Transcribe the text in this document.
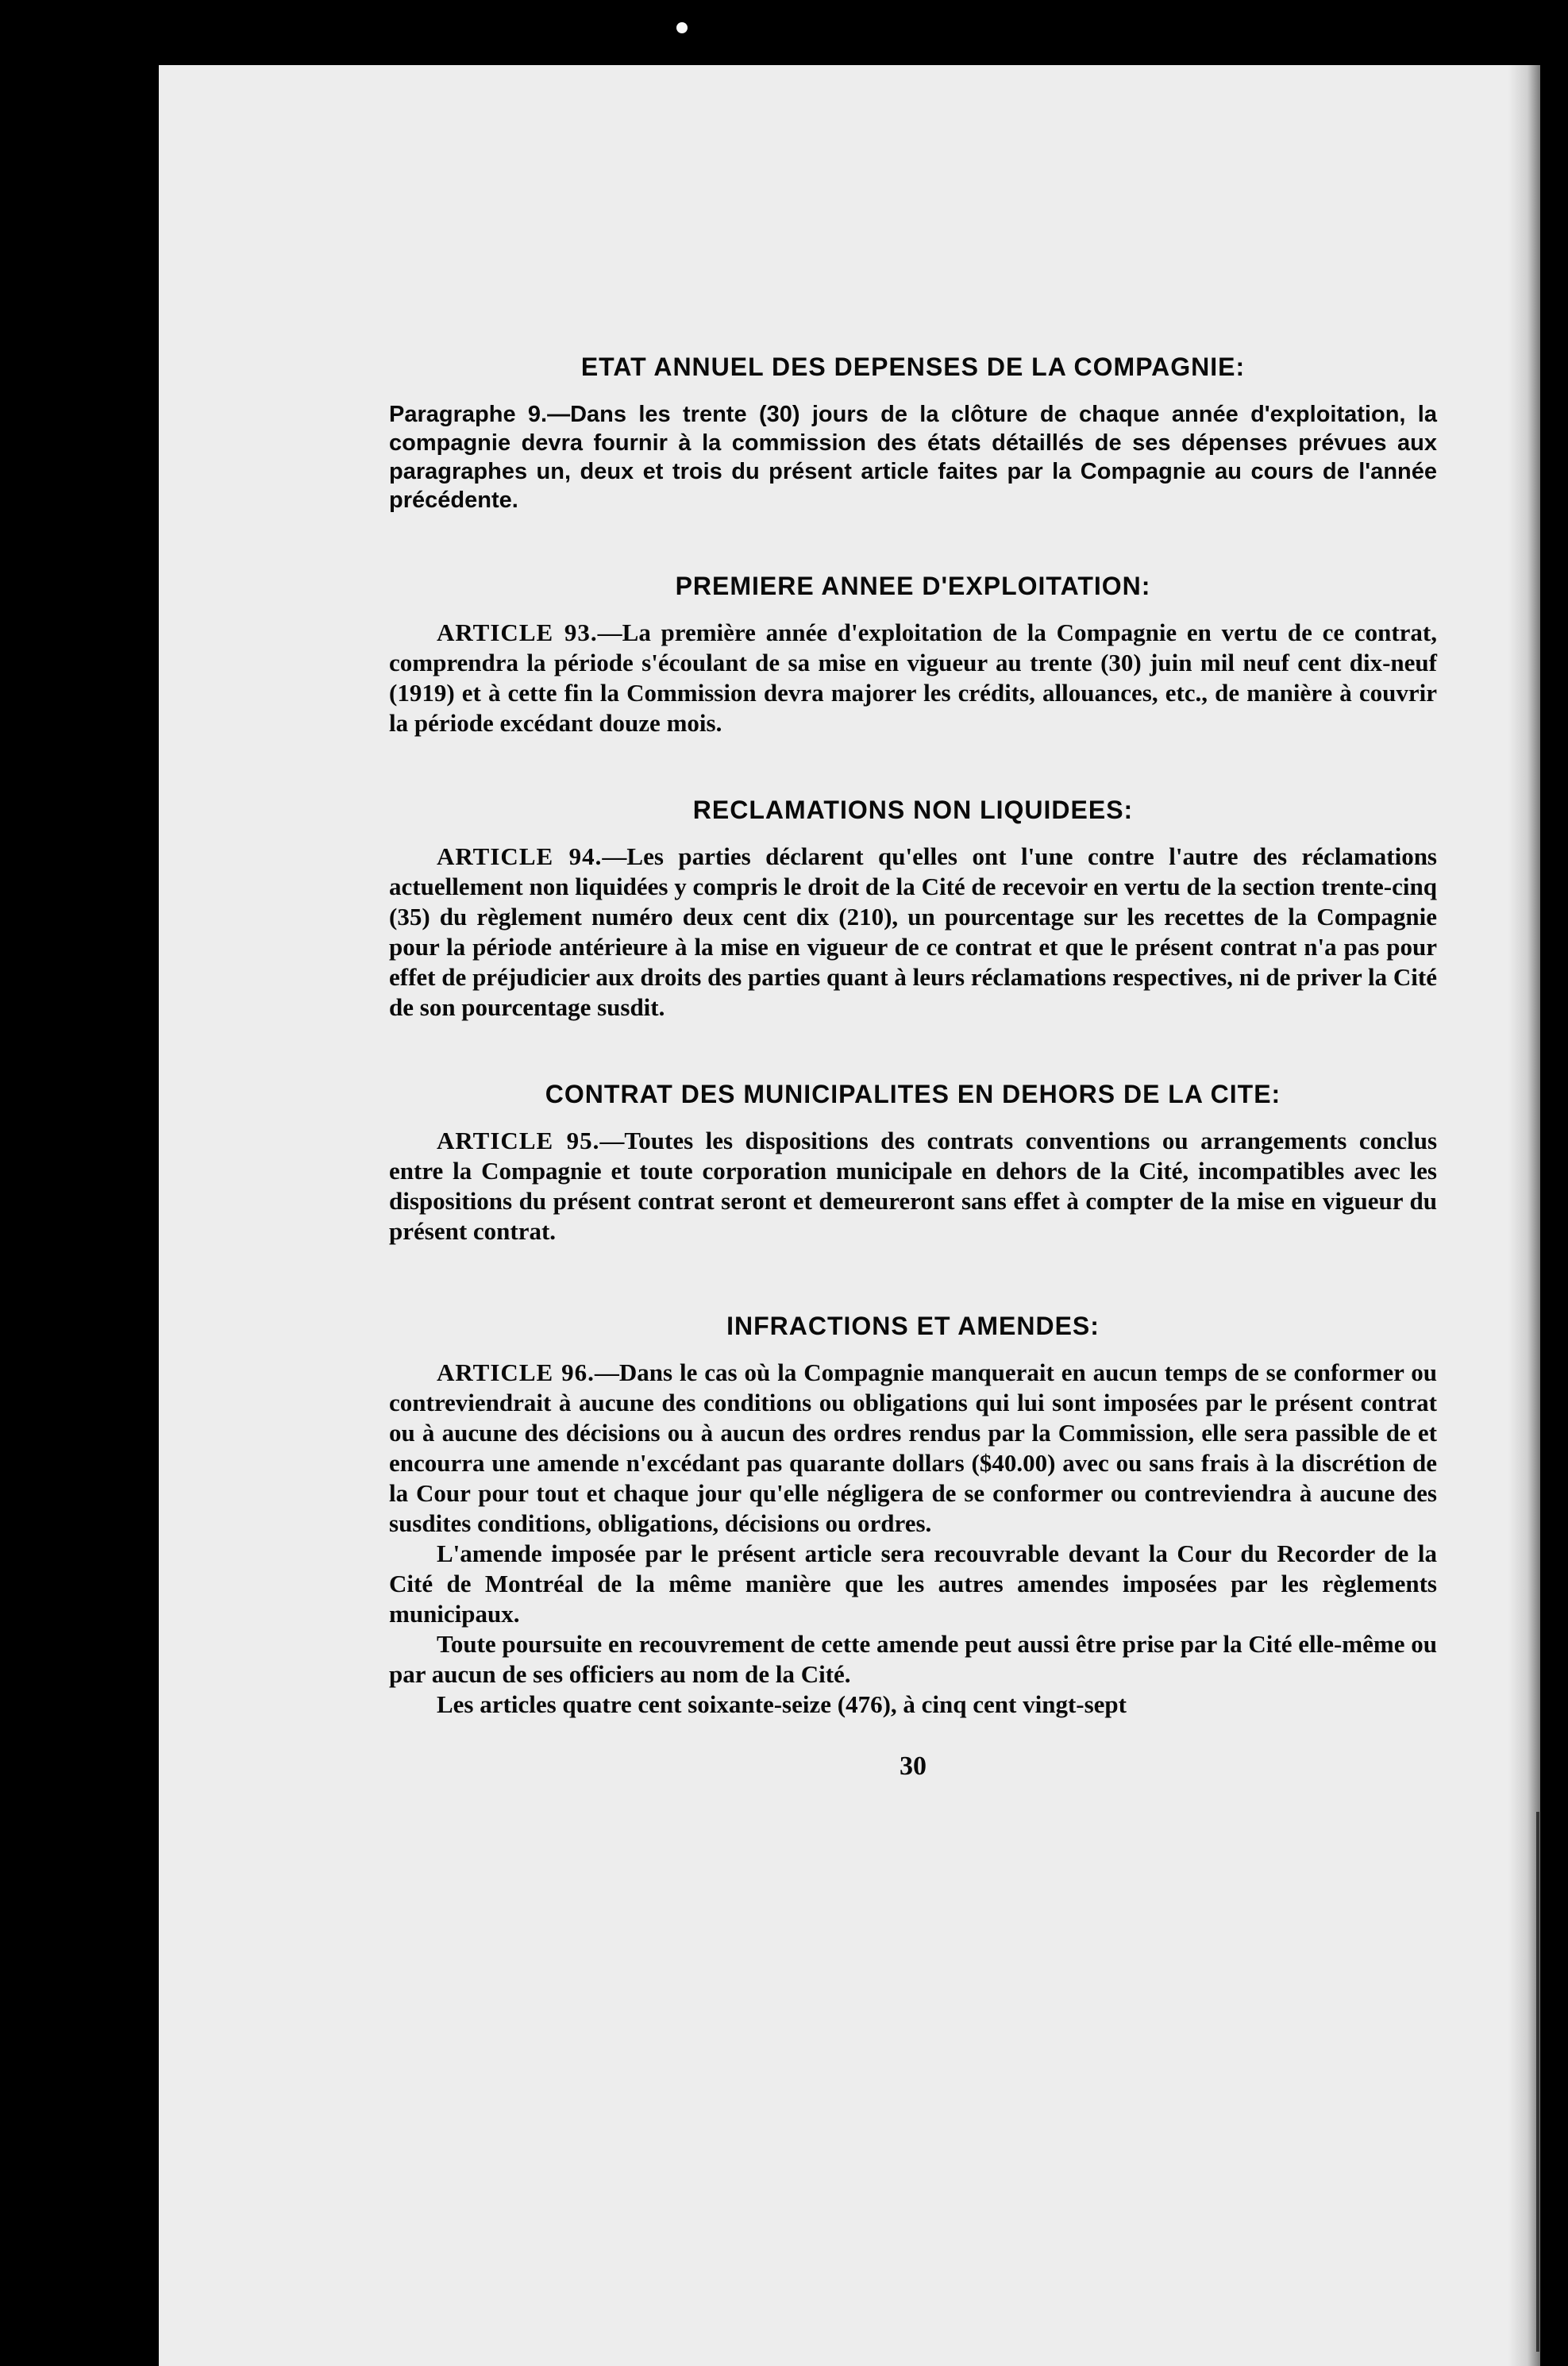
ETAT ANNUEL DES DEPENSES DE LA COMPAGNIE:

Paragraphe 9.—Dans les trente (30) jours de la clôture de chaque année d'exploitation, la compagnie devra fournir à la commission des états détaillés de ses dépenses prévues aux paragraphes un, deux et trois du présent article faites par la Compagnie au cours de l'année précédente.

PREMIERE ANNEE D'EXPLOITATION:

ARTICLE 93.—La première année d'exploitation de la Compagnie en vertu de ce contrat, comprendra la période s'écoulant de sa mise en vigueur au trente (30) juin mil neuf cent dix-neuf (1919) et à cette fin la Commission devra majorer les crédits, allouances, etc., de manière à couvrir la période excédant douze mois.

RECLAMATIONS NON LIQUIDEES:

ARTICLE 94.—Les parties déclarent qu'elles ont l'une contre l'autre des réclamations actuellement non liquidées y compris le droit de la Cité de recevoir en vertu de la section trente-cinq (35) du règlement numéro deux cent dix (210), un pourcentage sur les recettes de la Compagnie pour la période antérieure à la mise en vigueur de ce contrat et que le présent contrat n'a pas pour effet de préjudicier aux droits des parties quant à leurs réclamations respectives, ni de priver la Cité de son pourcentage susdit.

CONTRAT DES MUNICIPALITES EN DEHORS DE LA CITE:

ARTICLE 95.—Toutes les dispositions des contrats conventions ou arrangements conclus entre la Compagnie et toute corporation municipale en dehors de la Cité, incompatibles avec les dispositions du présent contrat seront et demeureront sans effet à compter de la mise en vigueur du présent contrat.

INFRACTIONS ET AMENDES:

ARTICLE 96.—Dans le cas où la Compagnie manquerait en aucun temps de se conformer ou contreviendrait à aucune des conditions ou obligations qui lui sont imposées par le présent contrat ou à aucune des décisions ou à aucun des ordres rendus par la Commission, elle sera passible de et encourra une amende n'excédant pas quarante dollars ($40.00) avec ou sans frais à la discrétion de la Cour pour tout et chaque jour qu'elle négligera de se conformer ou contreviendra à aucune des susdites conditions, obligations, décisions ou ordres.

L'amende imposée par le présent article sera recouvrable devant la Cour du Recorder de la Cité de Montréal de la même manière que les autres amendes imposées par les règlements municipaux.

Toute poursuite en recouvrement de cette amende peut aussi être prise par la Cité elle-même ou par aucun de ses officiers au nom de la Cité.

Les articles quatre cent soixante-seize (476), à cinq cent vingt-sept

30
